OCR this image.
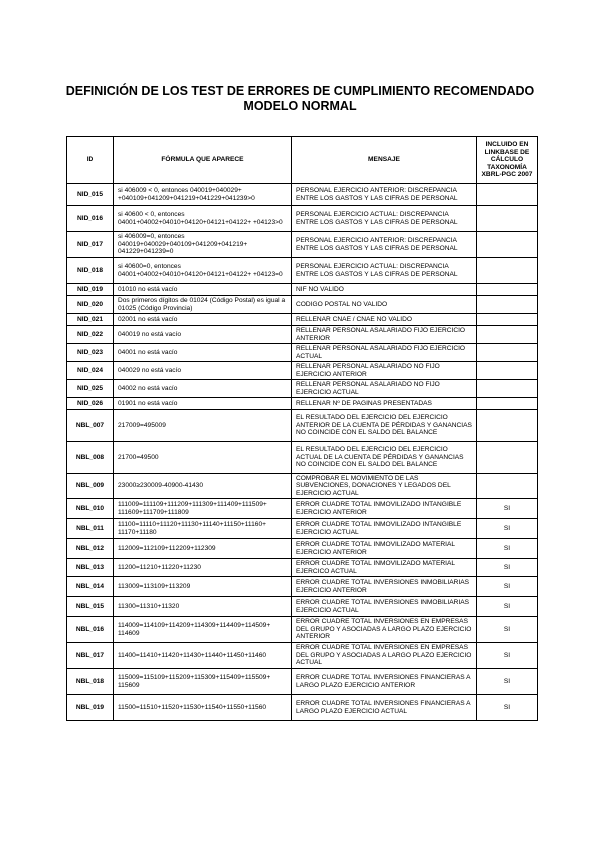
DEFINICIÓN DE LOS TEST DE ERRORES DE CUMPLIMIENTO RECOMENDADO
MODELO NORMAL
ID	FÓRMULA QUE APARECE	MENSAJE	INCLUIDO EN LINKBASE DE CÁLCULO TAXONOMÍA XBRL-PGC 2007
NID_015	si 406009 < 0, entonces 040019+040029+ +040109+041209+041219+041229+041239>0	PERSONAL EJERCICIO ANTERIOR: DISCREPANCIA ENTRE LOS GASTOS Y LAS CIFRAS DE PERSONAL	
NID_016	si 40600 < 0, entonces 04001+04002+04010+04120+04121+04122+ +04123>0	PERSONAL EJERCICIO ACTUAL: DISCREPANCIA ENTRE LOS GASTOS Y LAS CIFRAS DE PERSONAL	
NID_017	si 406009=0, entonces 040019+040029+040109+041209+041219+ 041229+041239=0	PERSONAL EJERCICIO ANTERIOR: DISCREPANCIA ENTRE LOS GASTOS Y LAS CIFRAS DE PERSONAL	
NID_018	si 40600=0, entonces 04001+04002+04010+04120+04121+04122+ +04123=0	PERSONAL EJERCICIO ACTUAL: DISCREPANCIA ENTRE LOS GASTOS Y LAS CIFRAS DE PERSONAL	
NID_019	01010 no está vacío	NIF NO VALIDO	
NID_020	Dos primeros dígitos de 01024 (Código Postal) es igual a 01025 (Código Provincia)	CODIGO POSTAL NO VALIDO	
NID_021	02001 no está vacío	RELLENAR CNAE / CNAE NO VALIDO	
NID_022	040019 no está vacío	RELLENAR PERSONAL ASALARIADO FIJO EJERCICIO ANTERIOR	
NID_023	04001 no está vacío	RELLENAR PERSONAL ASALARIADO FIJO EJERCICIO ACTUAL	
NID_024	040029 no está vacío	RELLENAR PERSONAL ASALARIADO NO FIJO EJERCICIO ANTERIOR	
NID_025	04002 no está vacío	RELLENAR PERSONAL ASALARIADO NO FIJO EJERCICIO ACTUAL	
NID_026	01901 no está vacío	RELLENAR Nº DE PAGINAS PRESENTADAS	
NBL_007	217009=495009	EL RESULTADO DEL EJERCICIO DEL EJERCICIO ANTERIOR DE LA CUENTA DE PÉRDIDAS Y GANANCIAS NO COINCIDE CON EL SALDO DEL BALANCE	
NBL_008	21700=49500	EL RESULTADO DEL EJERCICIO DEL EJERCICIO ACTUAL DE LA CUENTA DE PÉRDIDAS Y GANANCIAS NO COINCIDE CON EL SALDO DEL BALANCE	
NBL_009	23000≥230009-40900-41430	COMPROBAR EL MOVIMIENTO DE LAS SUBVENCIONES, DONACIONES Y LEGADOS DEL EJERCICIO ACTUAL	
NBL_010	111009=111109+111209+111309+111409+111509+ 111609+111709+111809	ERROR CUADRE TOTAL INMOVILIZADO INTANGIBLE EJERCICIO ANTERIOR	SI
NBL_011	11100=11110+11120+11130+11140+11150+11160+ 11170+11180	ERROR CUADRE TOTAL INMOVILIZADO INTANGIBLE EJERCICIO ACTUAL	SI
NBL_012	112009=112109+112209+112309	ERROR CUADRE TOTAL INMOVILIZADO MATERIAL EJERCICIO ANTERIOR	SI
NBL_013	11200=11210+11220+11230	ERROR CUADRE TOTAL INMOVILIZADO MATERIAL EJERCICO ACTUAL	SI
NBL_014	113009=113109+113209	ERROR CUADRE TOTAL INVERSIONES INMOBILIARIAS EJERCICIO ANTERIOR	SI
NBL_015	11300=11310+11320	ERROR CUADRE TOTAL INVERSIONES INMOBILIARIAS EJERCICIO ACTUAL	SI
NBL_016	114009=114109+114209+114309+114409+114509+ 114609	ERROR CUADRE TOTAL INVERSIONES EN EMPRESAS DEL GRUPO Y ASOCIADAS A LARGO PLAZO EJERCICIO ANTERIOR	SI
NBL_017	11400=11410+11420+11430+11440+11450+11460	ERROR CUADRE TOTAL INVERSIONES EN EMPRESAS DEL GRUPO Y ASOCIADAS A LARGO PLAZO EJERCICIO ACTUAL	SI
NBL_018	115009=115109+115209+115309+115409+115509+ 115609	ERROR CUADRE TOTAL INVERSIONES FINANCIERAS A LARGO PLAZO EJERCICIO ANTERIOR	SI
NBL_019	11500=11510+11520+11530+11540+11550+11560	ERROR CUADRE TOTAL INVERSIONES FINANCIERAS A LARGO PLAZO EJERCICIO ACTUAL	SI
